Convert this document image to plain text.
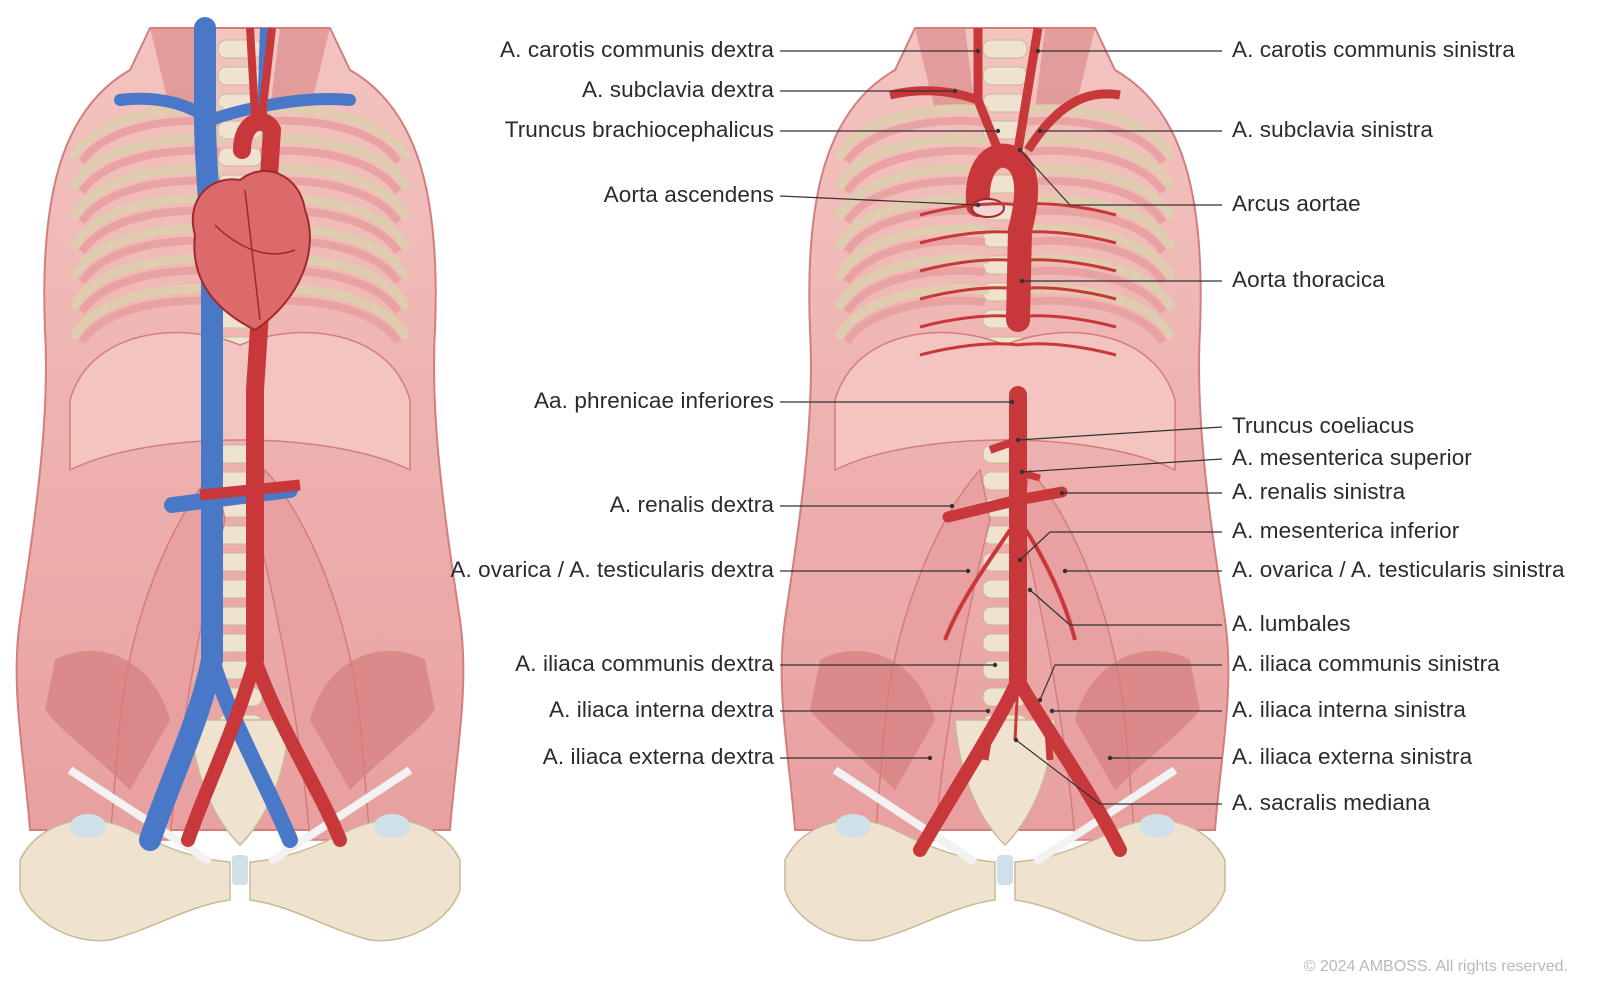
A. carotis communis dextra
A. subclavia dextra
Truncus brachiocephalicus
Aorta ascendens
Aa. phrenicae inferiores
A. renalis dextra
A. ovarica / A. testicularis dextra
A. iliaca communis dextra
A. iliaca interna dextra
A. iliaca externa dextra
A. carotis communis sinistra
A. subclavia sinistra
Arcus aortae
Aorta thoracica
Truncus coeliacus
A. mesenterica superior
A. renalis sinistra
A. mesenterica inferior
A. ovarica / A. testicularis sinistra
A. lumbales
A. iliaca communis sinistra
A. iliaca interna sinistra
A. iliaca externa sinistra
A. sacralis mediana
© 2024 AMBOSS. All rights reserved.
